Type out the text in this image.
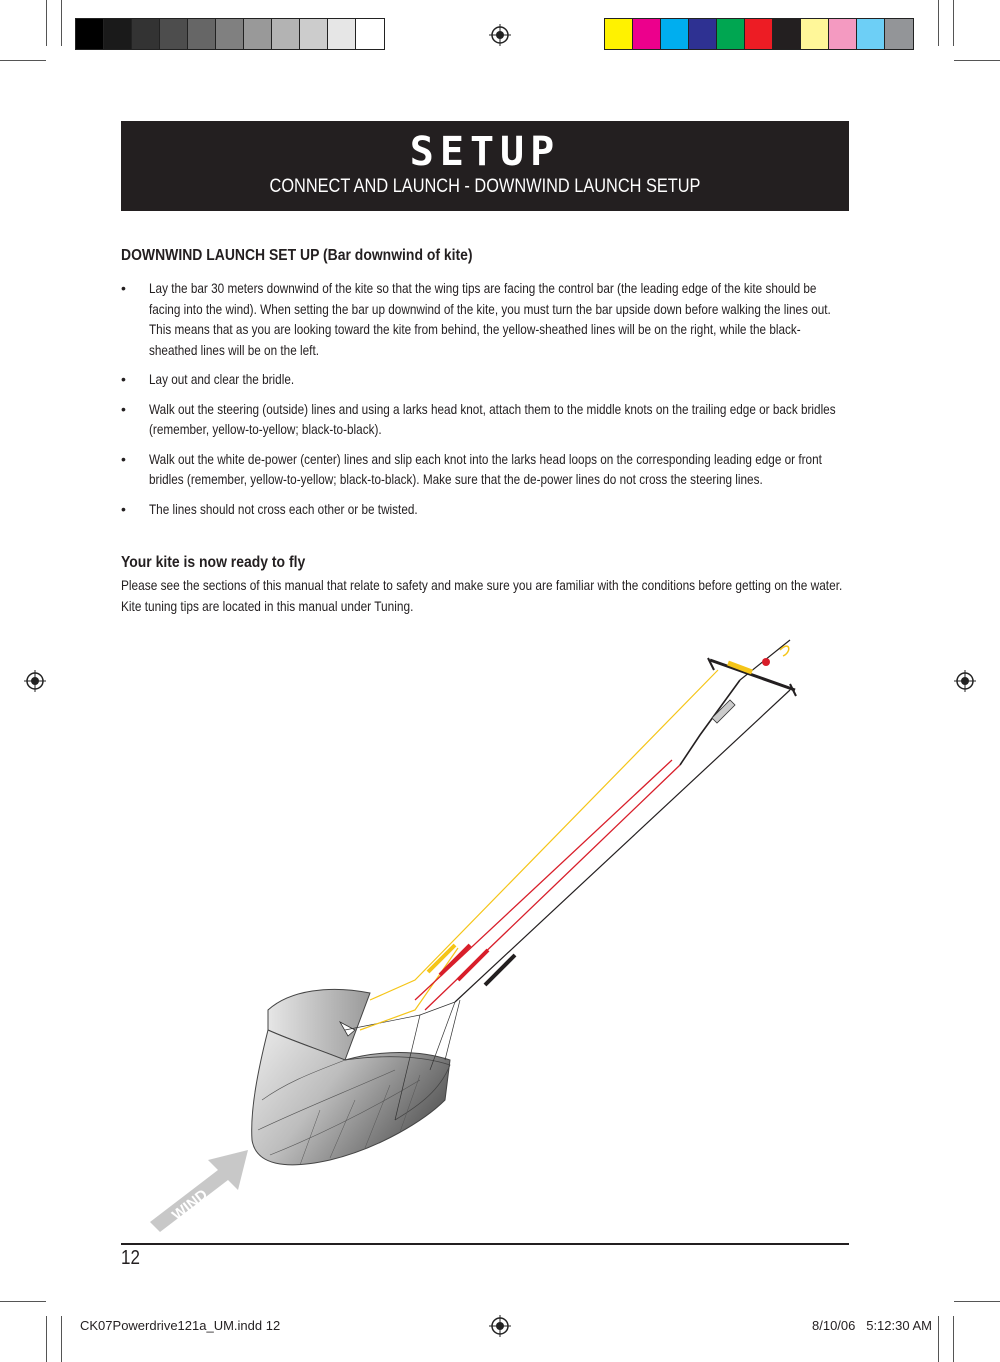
SETUP
CONNECT AND LAUNCH - DOWNWIND LAUNCH SETUP
DOWNWIND LAUNCH SET UP (Bar downwind of kite)
• Lay the bar 30 meters downwind of the kite so that the wing tips are facing the control bar (the leading edge of the kite should be facing into the wind). When setting the bar up downwind of the kite, you must turn the bar upside down before walking the lines out. This means that as you are looking toward the kite from behind, the yellow-sheathed lines will be on the right, while the black-sheathed lines will be on the left.
• Lay out and clear the bridle.
• Walk out the steering (outside) lines and using a larks head knot, attach them to the middle knots on the trailing edge or back bridles (remember, yellow-to-yellow; black-to-black).
• Walk out the white de-power (center) lines and slip each knot into the larks head loops on the corresponding leading edge or front bridles (remember, yellow-to-yellow; black-to-black). Make sure that the de-power lines do not cross the steering lines.
• The lines should not cross each other or be twisted.
Your kite is now ready to fly
Please see the sections of this manual that relate to safety and make sure you are familiar with the conditions before getting on the water. Kite tuning tips are located in this manual under Tuning.
WIND
12
CK07Powerdrive121a_UM.indd 12	8/10/06   5:12:30 AM
